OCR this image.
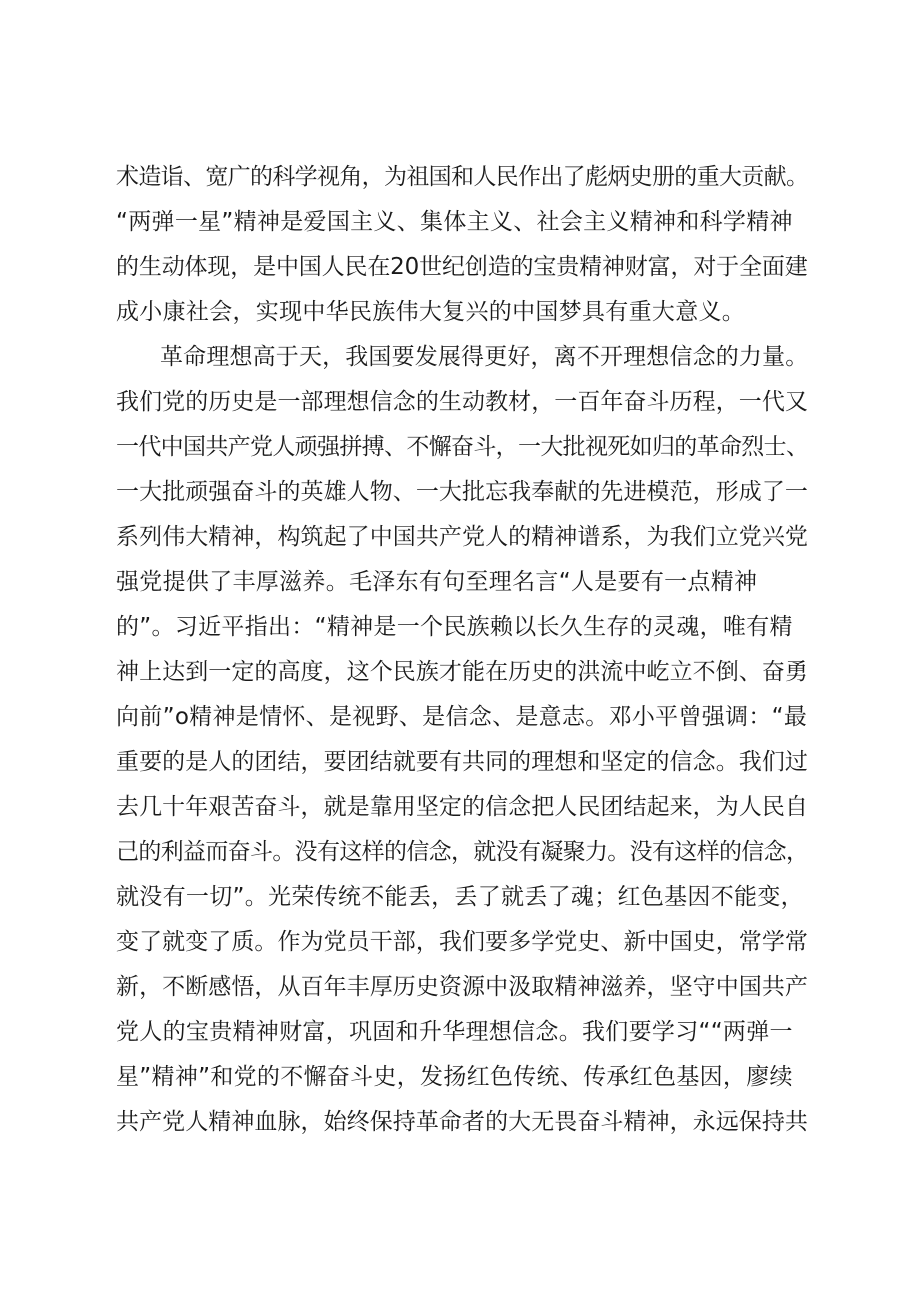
术造诣、宽广的科学视角，为祖国和人民作出了彪炳史册的重大贡献。
“两弹一星”精神是爱国主义、集体主义、社会主义精神和科学精神
的生动体现，是中国人民在20世纪创造的宝贵精神财富，对于全面建
成小康社会，实现中华民族伟大复兴的中国梦具有重大意义。
革命理想高于天，我国要发展得更好，离不开理想信念的力量。
我们党的历史是一部理想信念的生动教材，一百年奋斗历程，一代又
一代中国共产党人顽强拼搏、不懈奋斗，一大批视死如归的革命烈士、
一大批顽强奋斗的英雄人物、一大批忘我奉献的先进模范，形成了一
系列伟大精神，构筑起了中国共产党人的精神谱系，为我们立党兴党
强党提供了丰厚滋养。毛泽东有句至理名言“人是要有一点精神
的”。习近平指出：“精神是一个民族赖以长久生存的灵魂，唯有精
神上达到一定的高度，这个民族才能在历史的洪流中屹立不倒、奋勇
向前”o精神是情怀、是视野、是信念、是意志。邓小平曾强调：“最
重要的是人的团结，要团结就要有共同的理想和坚定的信念。我们过
去几十年艰苦奋斗，就是靠用坚定的信念把人民团结起来，为人民自
己的利益而奋斗。没有这样的信念，就没有凝聚力。没有这样的信念，
就没有一切”。光荣传统不能丢，丢了就丢了魂；红色基因不能变，
变了就变了质。作为党员干部，我们要多学党史、新中国史，常学常
新，不断感悟，从百年丰厚历史资源中汲取精神滋养，坚守中国共产
党人的宝贵精神财富，巩固和升华理想信念。我们要学习““两弹一
星”精神”和党的不懈奋斗史，发扬红色传统、传承红色基因，廖续
共产党人精神血脉，始终保持革命者的大无畏奋斗精神，永远保持共
